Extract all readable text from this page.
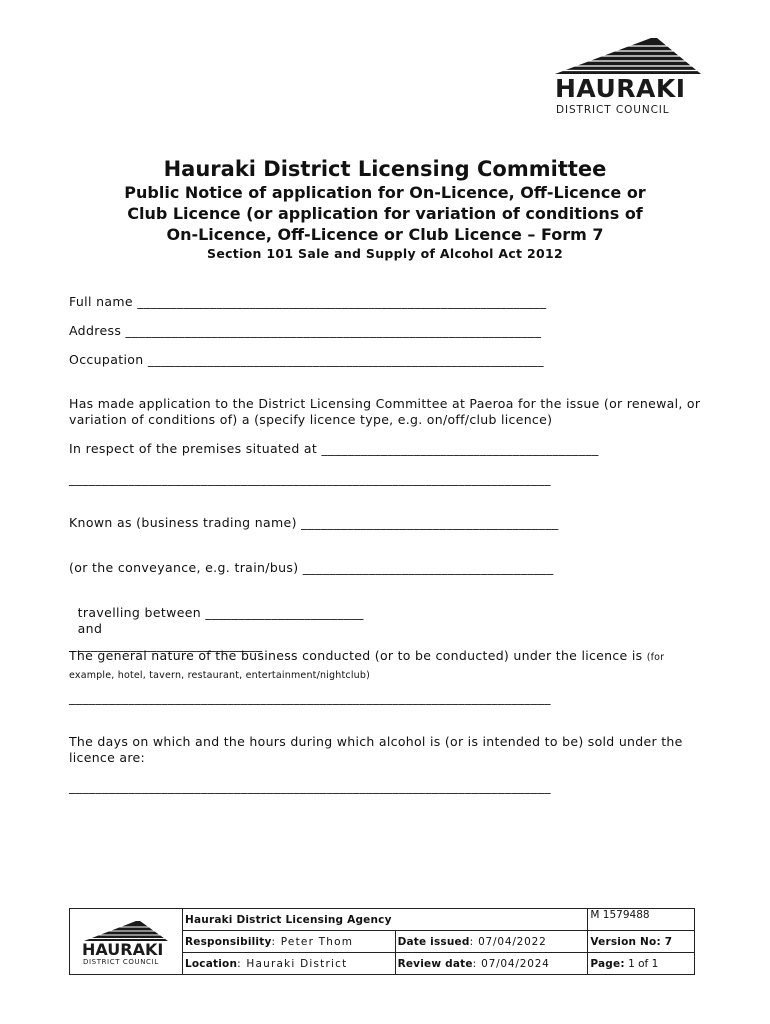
HAURAKI
DISTRICT COUNCIL
Hauraki District Licensing Committee
Public Notice of application for On-Licence, Off-Licence or
Club Licence (or application for variation of conditions of
On-Licence, Off-Licence or Club Licence – Form 7
Section 101 Sale and Supply of Alcohol Act 2012
Full name ______________________________________________________________
Address _______________________________________________________________
Occupation ____________________________________________________________
Has made application to the District Licensing Committee at Paeroa for the issue (or renewal, or variation of conditions of) a (specify licence type, e.g. on/off/club licence)
In respect of the premises situated at __________________________________________
_________________________________________________________________________
Known as (business trading name) _______________________________________
(or the conveyance, e.g. train/bus) ______________________________________

travelling between ________________________
and
____________________________

The general nature of the business conducted (or to be conducted) under the licence is (for example, hotel, tavern, restaurant, entertainment/nightclub)
_________________________________________________________________________
The days on which and the hours during which alcohol is (or is intended to be) sold under the licence are:
_________________________________________________________________________
HAURAKI
DISTRICT COUNCIL	Hauraki District Licensing Agency		M 1579488
	Responsibility: Peter Thom	Date issued: 07/04/2022	Version No: 7
	Location: Hauraki District	Review date: 07/04/2024	Page: 1 of 1
